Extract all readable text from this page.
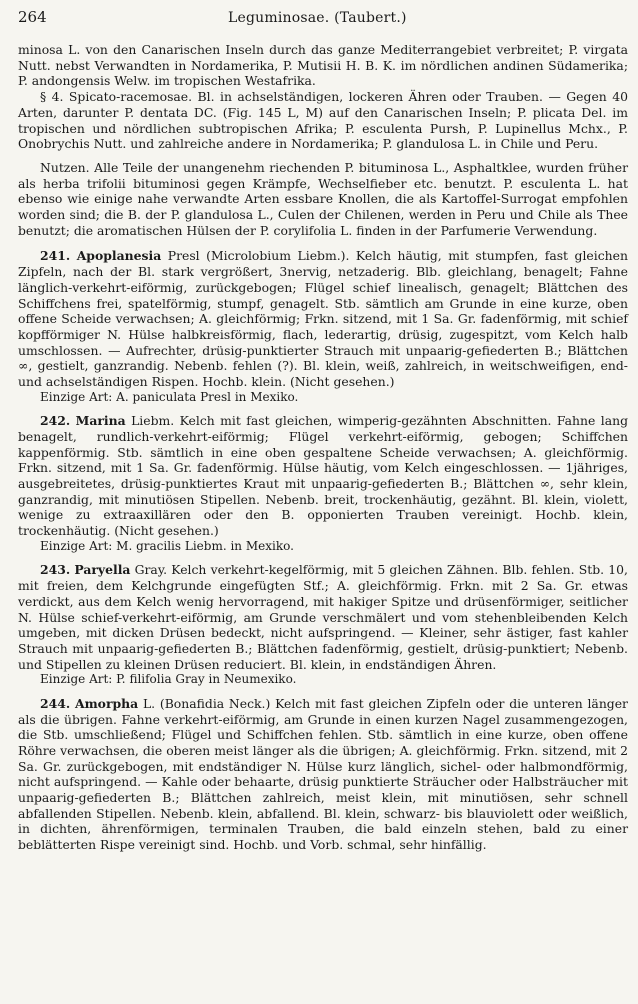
264	Leguminosae. (Taubert.)

minosa L. von den Canarischen Inseln durch das ganze Mediterrangebiet verbreitet; P. virgata Nutt. nebst Verwandten in Nordamerika, P. Mutisii H. B. K. im nördlichen andinen Südamerika; P. andongensis Welw. im tropischen Westafrika.

§ 4. Spicato-racemosae. Bl. in achselständigen, lockeren Ähren oder Trauben. — Gegen 40 Arten, darunter P. dentata DC. (Fig. 145 L, M) auf den Canarischen Inseln; P. plicata Del. im tropischen und nördlichen subtropischen Afrika; P. esculenta Pursh, P. Lupinellus Mchx., P. Onobrychis Nutt. und zahlreiche andere in Nordamerika; P. glandulosa L. in Chile und Peru.

Nutzen. Alle Teile der unangenehm riechenden P. bituminosa L., Asphaltklee, wurden früher als herba trifolii bituminosi gegen Krämpfe, Wechselfieber etc. benutzt. P. esculenta L. hat ebenso wie einige nahe verwandte Arten essbare Knollen, die als Kartoffel-Surrogat empfohlen worden sind; die B. der P. glandulosa L., Culen der Chilenen, werden in Peru und Chile als Thee benutzt; die aromatischen Hülsen der P. corylifolia L. finden in der Parfumerie Verwendung.

241. Apoplanesia Presl (Microlobium Liebm.). Kelch häutig, mit stumpfen, fast gleichen Zipfeln, nach der Bl. stark vergrößert, 3nervig, netzaderig. Blb. gleichlang, benagelt; Fahne länglich-verkehrt-eiförmig, zurückgebogen; Flügel schief linealisch, genagelt; Blättchen des Schiffchens frei, spatelförmig, stumpf, genagelt. Stb. sämtlich am Grunde in eine kurze, oben offene Scheide verwachsen; A. gleichförmig; Frkn. sitzend, mit 1 Sa. Gr. fadenförmig, mit schief kopfförmiger N. Hülse halbkreisförmig, flach, lederartig, drüsig, zugespitzt, vom Kelch halb umschlossen. — Aufrechter, drüsig-punktierter Strauch mit unpaarig-gefiederten B.; Blättchen ∞, gestielt, ganzrandig. Nebenb. fehlen (?). Bl. klein, weiß, zahlreich, in weitschweifigen, end- und achselständigen Rispen. Hochb. klein. (Nicht gesehen.)

Einzige Art: A. paniculata Presl in Mexiko.

242. Marina Liebm. Kelch mit fast gleichen, wimperig-gezähnten Abschnitten. Fahne lang benagelt, rundlich-verkehrt-eiförmig; Flügel verkehrt-eiförmig, gebogen; Schiffchen kappenförmig. Stb. sämtlich in eine oben gespaltene Scheide verwachsen; A. gleichförmig. Frkn. sitzend, mit 1 Sa. Gr. fadenförmig. Hülse häutig, vom Kelch eingeschlossen. — 1jähriges, ausgebreitetes, drüsig-punktiertes Kraut mit unpaarig-gefiederten B.; Blättchen ∞, sehr klein, ganzrandig, mit minutiösen Stipellen. Nebenb. breit, trockenhäutig, gezähnt. Bl. klein, violett, wenige zu extraaxillären oder den B. opponierten Trauben vereinigt. Hochb. klein, trockenhäutig. (Nicht gesehen.)

Einzige Art: M. gracilis Liebm. in Mexiko.

243. Paryella Gray. Kelch verkehrt-kegelförmig, mit 5 gleichen Zähnen. Blb. fehlen. Stb. 10, mit freien, dem Kelchgrunde eingefügten Stf.; A. gleichförmig. Frkn. mit 2 Sa. Gr. etwas verdickt, aus dem Kelch wenig hervorragend, mit hakiger Spitze und drüsenförmiger, seitlicher N. Hülse schief-verkehrt-eiförmig, am Grunde verschmälert und vom stehenbleibenden Kelch umgeben, mit dicken Drüsen bedeckt, nicht aufspringend. — Kleiner, sehr ästiger, fast kahler Strauch mit unpaarig-gefiederten B.; Blättchen fadenförmig, gestielt, drüsig-punktiert; Nebenb. und Stipellen zu kleinen Drüsen reduciert. Bl. klein, in endständigen Ähren.

Einzige Art: P. filifolia Gray in Neumexiko.

244. Amorpha L. (Bonafidia Neck.) Kelch mit fast gleichen Zipfeln oder die unteren länger als die übrigen. Fahne verkehrt-eiförmig, am Grunde in einen kurzen Nagel zusammengezogen, die Stb. umschließend; Flügel und Schiffchen fehlen. Stb. sämtlich in eine kurze, oben offene Röhre verwachsen, die oberen meist länger als die übrigen; A. gleichförmig. Frkn. sitzend, mit 2 Sa. Gr. zurückgebogen, mit endständiger N. Hülse kurz länglich, sichel- oder halbmondförmig, nicht aufspringend. — Kahle oder behaarte, drüsig punktierte Sträucher oder Halbsträucher mit unpaarig-gefiederten B.; Blättchen zahlreich, meist klein, mit minutiösen, sehr schnell abfallenden Stipellen. Nebenb. klein, abfallend. Bl. klein, schwarz- bis blauviolett oder weißlich, in dichten, ährenförmigen, terminalen Trauben, die bald einzeln stehen, bald zu einer beblätterten Rispe vereinigt sind. Hochb. und Vorb. schmal, sehr hinfällig.
